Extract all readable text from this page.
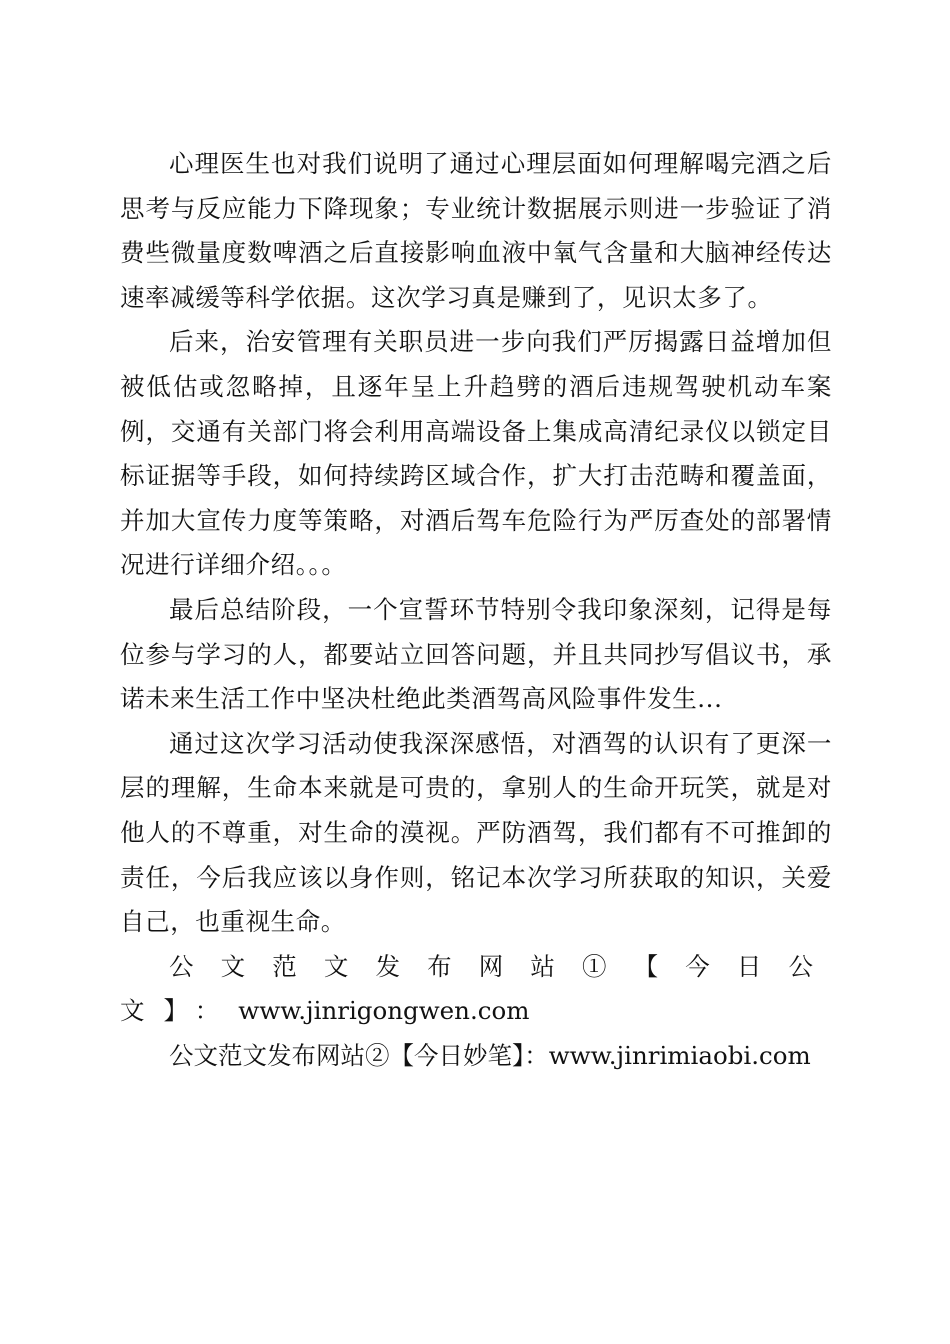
心理医生也对我们说明了通过心理层面如何理解喝完酒之后思考与反应能力下降现象；专业统计数据展示则进一步验证了消费些微量度数啤酒之后直接影响血液中氧气含量和大脑神经传达速率减缓等科学依据。这次学习真是赚到了，见识太多了。

后来，治安管理有关职员进一步向我们严厉揭露日益增加但被低估或忽略掉，且逐年呈上升趋劈的酒后违规驾驶机动车案例，交通有关部门将会利用高端设备上集成高清纪录仪以锁定目标证据等手段，如何持续跨区域合作，扩大打击范畴和覆盖面，并加大宣传力度等策略，对酒后驾车危险行为严厉查处的部署情况进行详细介绍。。。

最后总结阶段，一个宣誓环节特别令我印象深刻，记得是每位参与学习的人，都要站立回答问题，并且共同抄写倡议书，承诺未来生活工作中坚决杜绝此类酒驾高风险事件发生...

通过这次学习活动使我深深感悟，对酒驾的认识有了更深一层的理解，生命本来就是可贵的，拿别人的生命开玩笑，就是对他人的不尊重，对生命的漠视。严防酒驾，我们都有不可推卸的责任，今后我应该以身作则，铭记本次学习所获取的知识，关爱自己，也重视生命。

公文范文发布网站①【今日公文】：www.jinrigongwen.com

公文范文发布网站②【今日妙笔】：www.jinrimiaobi.com
